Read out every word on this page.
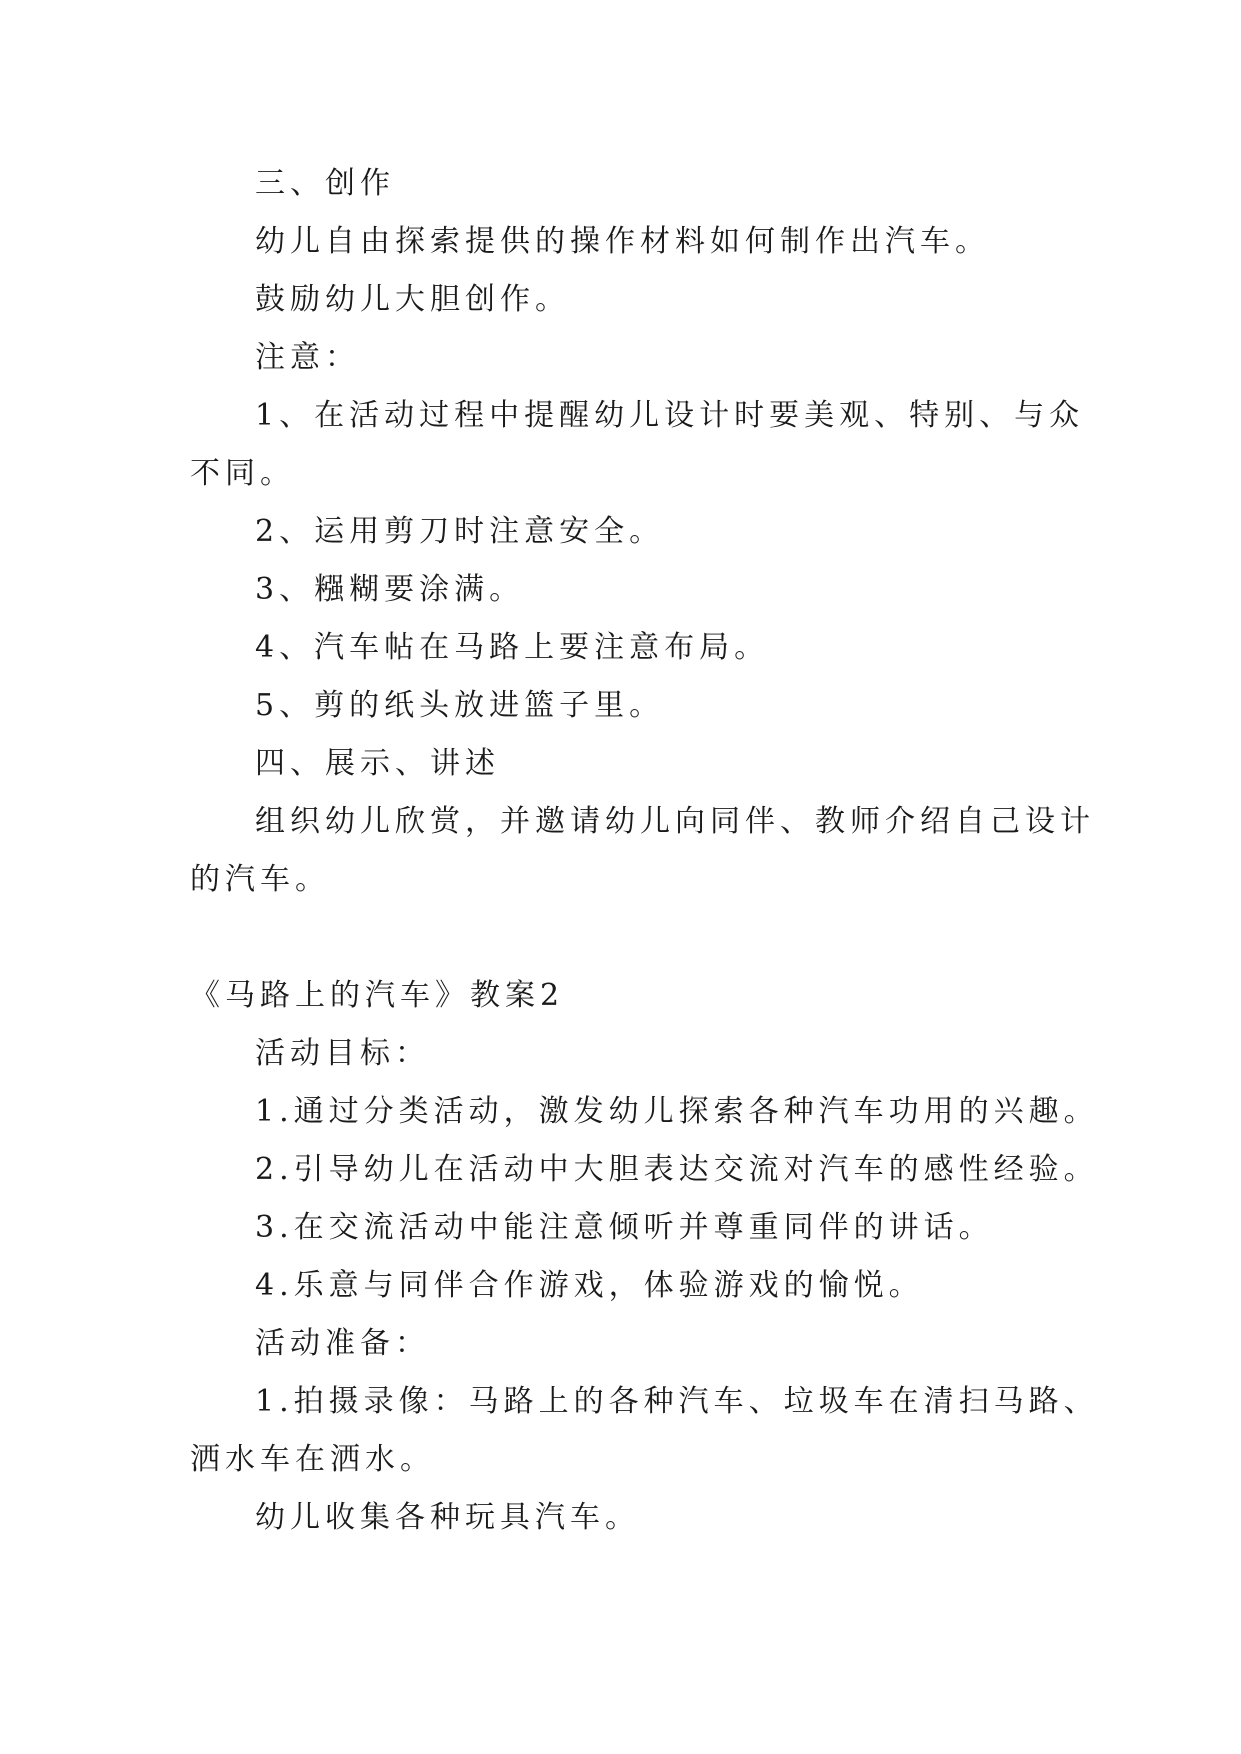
三、创作

幼儿自由探索提供的操作材料如何制作出汽车。

鼓励幼儿大胆创作。

注意：

1、在活动过程中提醒幼儿设计时要美观、特别、与众

不同。

2、运用剪刀时注意安全。

3、糨糊要涂满。

4、汽车帖在马路上要注意布局。

5、剪的纸头放进篮子里。

四、展示、讲述

组织幼儿欣赏，并邀请幼儿向同伴、教师介绍自己设计

的汽车。

《马路上的汽车》教案2

活动目标：

1.通过分类活动，激发幼儿探索各种汽车功用的兴趣。

2.引导幼儿在活动中大胆表达交流对汽车的感性经验。

3.在交流活动中能注意倾听并尊重同伴的讲话。

4.乐意与同伴合作游戏，体验游戏的愉悦。

活动准备：

1.拍摄录像：马路上的各种汽车、垃圾车在清扫马路、

洒水车在洒水。

幼儿收集各种玩具汽车。
